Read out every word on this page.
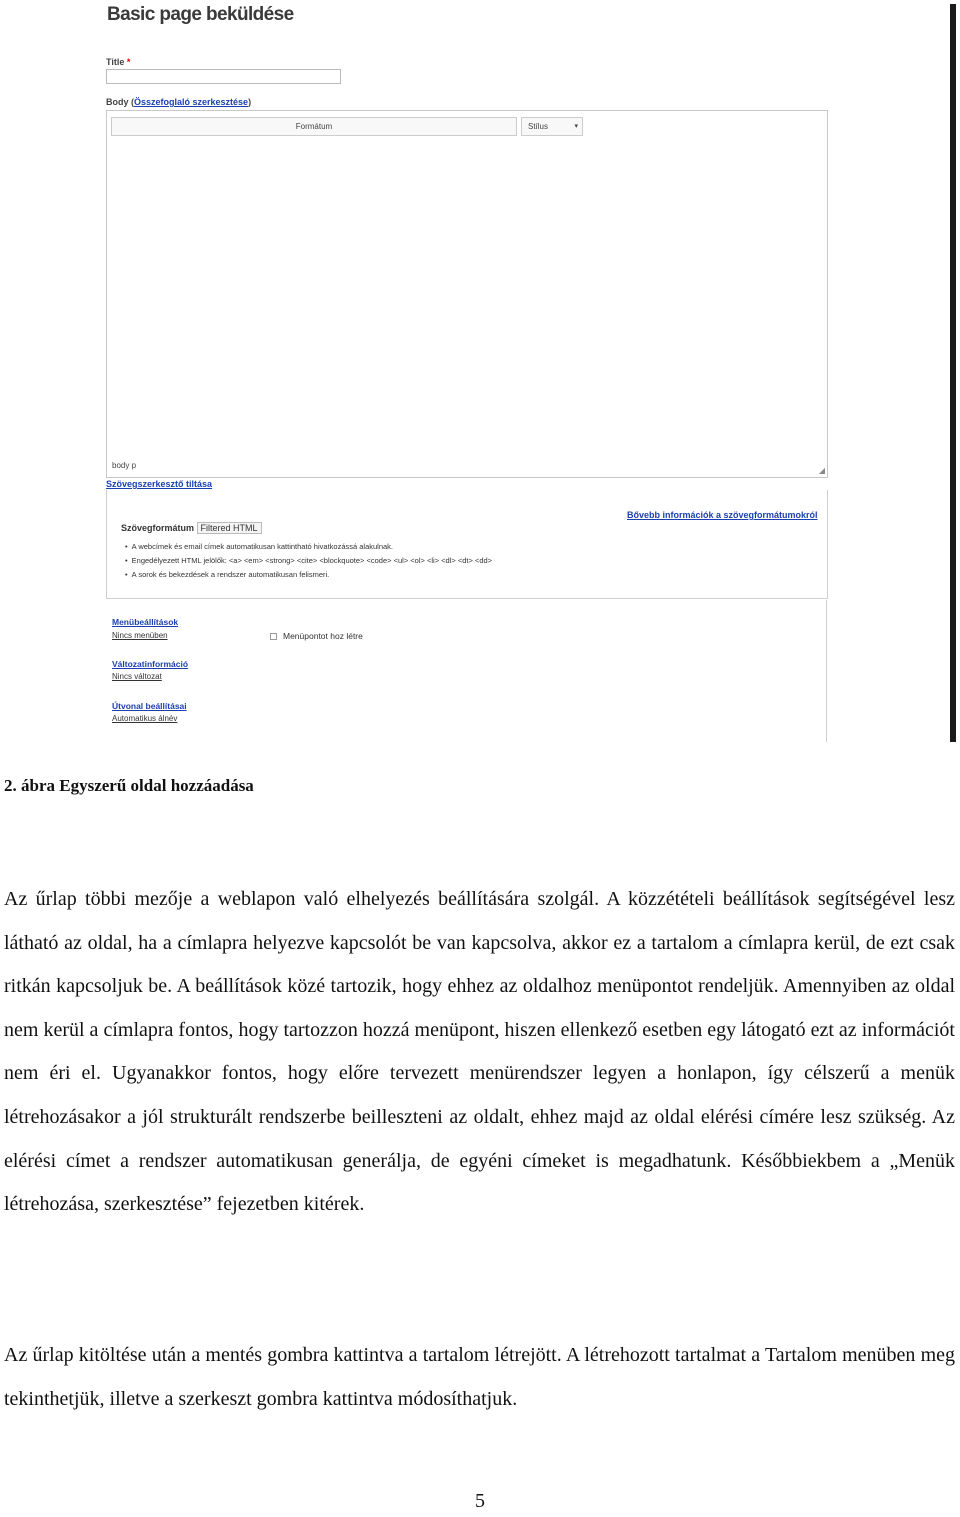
Basic page beküldése
Title *
Body (Összefoglaló szerkesztése)
Formátum	Stílus	▾
◢
body p
Szövegszerkesztő tiltása
Szövegformátum Filtered HTML
Bővebb információk a szövegformátumokról
• A webcímek és email címek automatikusan kattintható hivatkozássá alakulnak.
• Engedélyezett HTML jelölők: <a> <em> <strong> <cite> <blockquote> <code> <ul> <ol> <li> <dl> <dt> <dd>
• A sorok és bekezdések a rendszer automatikusan felismeri.
Menübeállítások
Nincs menüben	Menüpontot hoz létre
Változatinformáció
Nincs változat
Útvonal beállításai
Automatikus álnév
2. ábra Egyszerű oldal hozzáadása

Az űrlap többi mezője a weblapon való elhelyezés beállítására szolgál. A közzétételi beállítások segítségével lesz látható az oldal, ha a címlapra helyezve kapcsolót be van kapcsolva, akkor ez a tartalom a címlapra kerül, de ezt csak ritkán kapcsoljuk be. A beállítások közé tartozik, hogy ehhez az oldalhoz menüpontot rendeljük. Amennyiben az oldal nem kerül a címlapra fontos, hogy tartozzon hozzá menüpont, hiszen ellenkező esetben egy látogató ezt az információt nem éri el. Ugyanakkor fontos, hogy előre tervezett menürendszer legyen a honlapon, így célszerű a menük létrehozásakor a jól strukturált rendszerbe beilleszteni az oldalt, ehhez majd az oldal elérési címére lesz szükség. Az elérési címet a rendszer automatikusan generálja, de egyéni címeket is megadhatunk. Későbbiekbem a „Menük létrehozása, szerkesztése” fejezetben kitérek.

Az űrlap kitöltése után a mentés gombra kattintva a tartalom létrejött. A létrehozott tartalmat a Tartalom menüben meg tekinthetjük, illetve a szerkeszt gombra kattintva módosíthatjuk.

5
